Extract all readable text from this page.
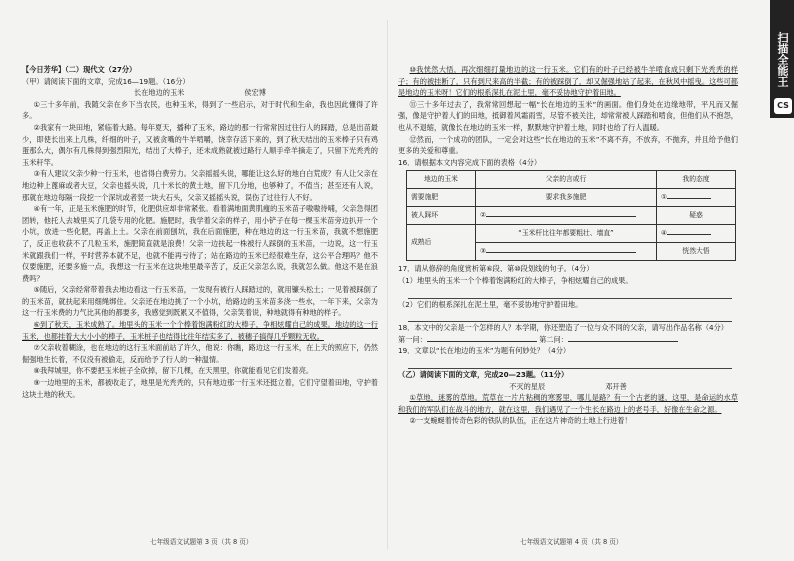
扫描全能王
CS

【今日芳华】（二）现代文（27分）

（甲）请阅读下面的文章，完成16—19题。（16分）

长在地边的玉米	侯宏博

①三十多年前，我随父亲在乡下当农民，也种玉米，得到了一些启示，对于时代和生命，我也因此懂得了许多。

②我家有一块田地，紧临着大路。每年夏天，播种了玉米，路边的那一行常常因过往行人的踩踏，总是出苗最少，即使长出来上几株，纤细的叶子，又被贪嘴的牛羊啃嚼，饶幸存活下来的，到了秋天结出的玉米棒子只有鸡蛋那么大，偶尔有几株得到强烈阳光，结出了大棒子，还未成熟就被过路行人顺手牵羊摘走了，只留下光秃秃的玉米秆竿。

③有人建议父亲少种一行玉米，也省得白费劳力。父亲摇摇头说，哪能让这么好的地白白荒废？有人让父亲在地边种上蓖麻或者大豆，父亲也摇头说，几十米长的黄土地，留下几分地，也够种了，不值当；甚至还有人说，那就在地边每隔一段挖一个深坑或者竖一块大石头，父亲又摇摇头说，误伤了过往行人不好。

④有一年，正是玉米施肥的时节，化肥供应却非常紧张。看着满地面黄肌瘦的玉米苗子嗷嗷待哺，父亲急得团团转，他托人去城里买了几袋专用的化肥。施肥时，我学着父亲的样子，用小铲子在每一棵玉米苗旁边扒开一个小坑，放进一些化肥，再盖上土。父亲在前面刨坑，我在后面施肥，种在地边的这一行玉米苗，我就不想施肥了，反正也收获不了几粒玉米，施肥简直就是浪费！父亲一边扶起一株被行人踩倒的玉米苗，一边说，这一行玉米就跟我们一样，平时营养本就不足，也就不能再亏待了；站在路边的玉米已经很难生存，这公平合理吗？他不仅要施肥，还要多施一点，我想这一行玉米在这块地里最辛苦了，反正父亲怎么说，我就怎么做。他这不是在浪费吗？

⑤随后，父亲经常带着我去地边看这一行玉米苗，一发现有被行人踩踏过的，就用镰头松土；一见着被踩倒了的玉米苗，就扶起来用细绳绑住。父亲还在地边挑了一个小坑，给路边的玉米苗多浇一些水，一年下来，父亲为这一行玉米费的力气比其他的都要多，我感觉到既累又不值得，父亲笑着说，种地就得有种地的样子。

⑥到了秋天，玉米成熟了。地里头的玉米一个个棒着饱满粉红的大棒子，争相炫耀自己的成果。地边的这一行玉米，也都挂着大大小小的棒子，玉米桩子也结得比往年结实多了，被穗子搞得几乎颗粒无收。

⑦父亲收着糊涂，也在地边的这行玉米面前站了许久，他说：你瞧，路边这一行玉米，在上天的照应下，仍然倔强地生长着，不仅没有被偷走，反而给予了行人的一种温情。

⑧我拜城里，你不要把玉米桩子全砍掉，留下几棵，在天黑里，你就能看见它们发着亮。

⑨一边地里的玉米，都被收走了，地里是光秃秃的，只有地边那一行玉米还挺立着，它们守望着田地，守护着这块土地的秋天。

七年级语文试题第 3 页（共 8 页）

⑩我恍然大悟，再次细细打量地边的这一行玉米。它们有的叶子已经被牛羊啃食成只剩下光秃秃的样子；有的被挂断了，只有到尺来高的半截；有的被踩倒了，却又倔强地站了起来，在秋风中摇曳。这些可都是地边的玉米呀！它们的根系深扎在泥土里，毫不妥协地守护着田地。

⑪三十多年过去了，我常常回想起一幅“长在地边的玉米”的画面。他们身处在边缘地带，平凡而又倔强，像是守护着人们的田地，抵御着风霜雨雪，尽管不被关注，却常常被人踩踏和啃食，但他们从不抱怨，也从不退缩，就像长在地边的玉米一样，默默地守护着土地，同时也给了行人温暖。

⑫然而，一个成功的团队，一定会对这些“长在地边的玉米”不离不弃，不放弃，不抛弃，并且给予他们更多的关爱和尊重。

16．请根据本文内容完成下面的表格（4分）

地边的玉米	父亲的言或行	我的态度
需要施肥	要求我多施肥	①
被人踩坏	②	疑惑
成熟后	“玉米杆比往年都要粗壮、墙直”	④
	③	恍然大悟

17．请从修辞的角度赏析第⑥段、第⑩段划线的句子。（4分）

（1）地里头的玉米一个个棒着饱满粉红的大棒子，争相炫耀自己的成果。

（2）它们的根系深扎在泥土里，毫不妥协地守护着田地。

18．本文中的父亲是一个怎样的人？本学期，你还塑造了一位与众不同的父亲，请写出作品名称（4分）

第一问：	第二问：

19．文章以“长在地边的玉米”为题有何妙处？（4分）

（乙）请阅读下面的文章，完成20—23题。（11分）

不灭的星辰	邓开善

①草地，迷雾的草地。荒草在一片片粘稠的寒雾里，哪儿是路？有一个古老的谜，这里，是命运的水草和我们的军队们在战斗的地方，就在这里，我们遇见了一个生长在路边上的老号手，好像在生命之源。

②一支蜿蜒着传奇色彩的铁队的队伍，正在这片神奇的土地上行进着！

七年级语文试题第 4 页（共 8 页）
